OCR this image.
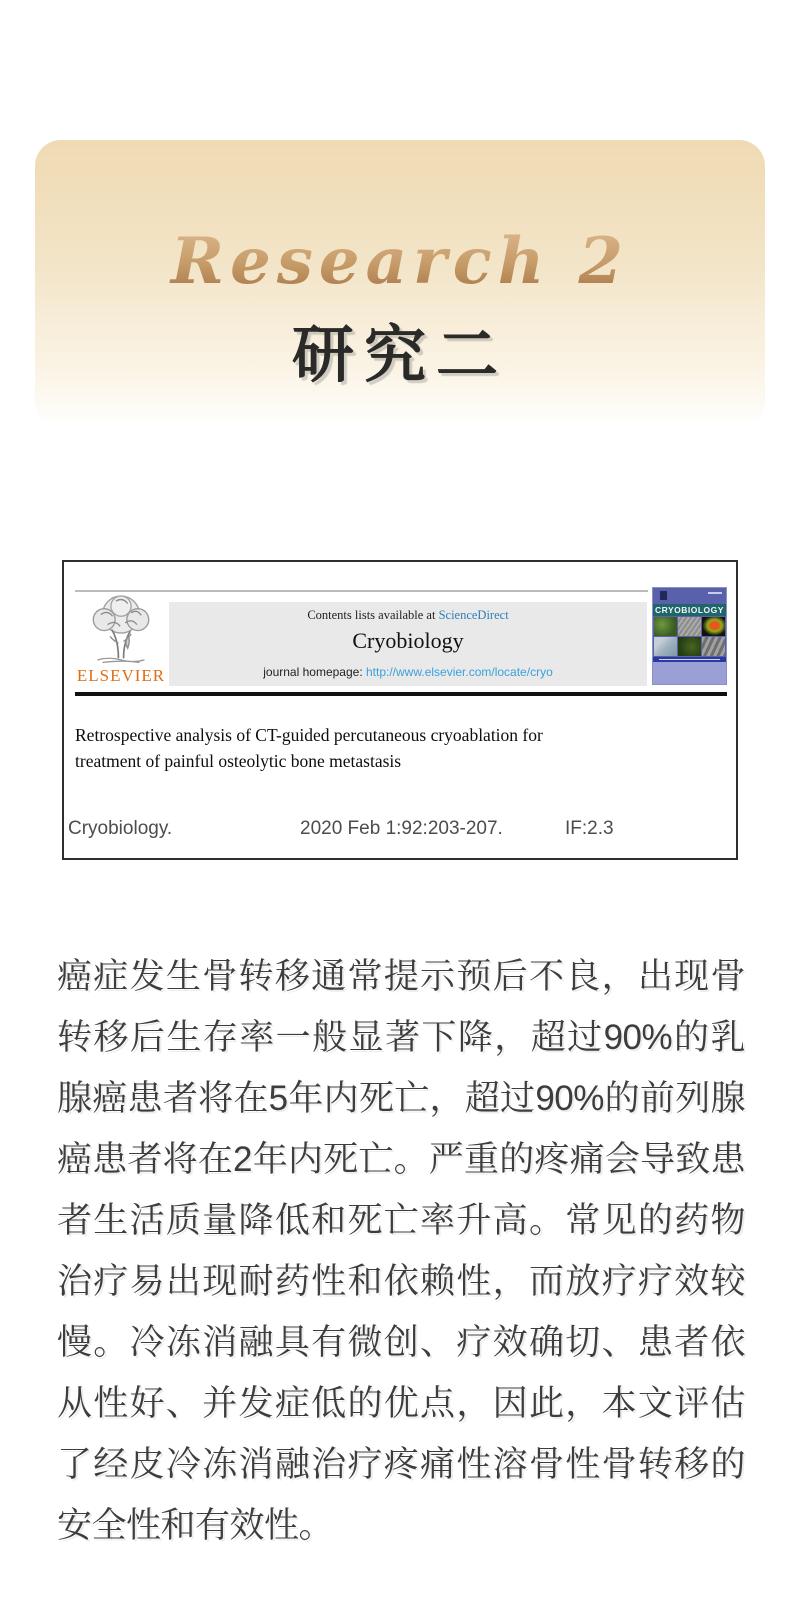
Research 2
研究二
ELSEVIER
Contents lists available at ScienceDirect
Cryobiology
journal homepage: http://www.elsevier.com/locate/cryo
CRYOBIOLOGY
Retrospective analysis of CT-guided percutaneous cryoablation for
treatment of painful osteolytic bone metastasis
Cryobiology.	2020 Feb 1:92:203-207.	IF:2.3
癌症发生骨转移通常提示预后不良，出现骨转移后生存率一般显著下降，超过90%的乳腺癌患者将在5年内死亡，超过90%的前列腺癌患者将在2年内死亡。严重的疼痛会导致患者生活质量降低和死亡率升高。常见的药物治疗易出现耐药性和依赖性，而放疗疗效较慢。冷冻消融具有微创、疗效确切、患者依从性好、并发症低的优点，因此，本文评估了经皮冷冻消融治疗疼痛性溶骨性骨转移的安全性和有效性。
